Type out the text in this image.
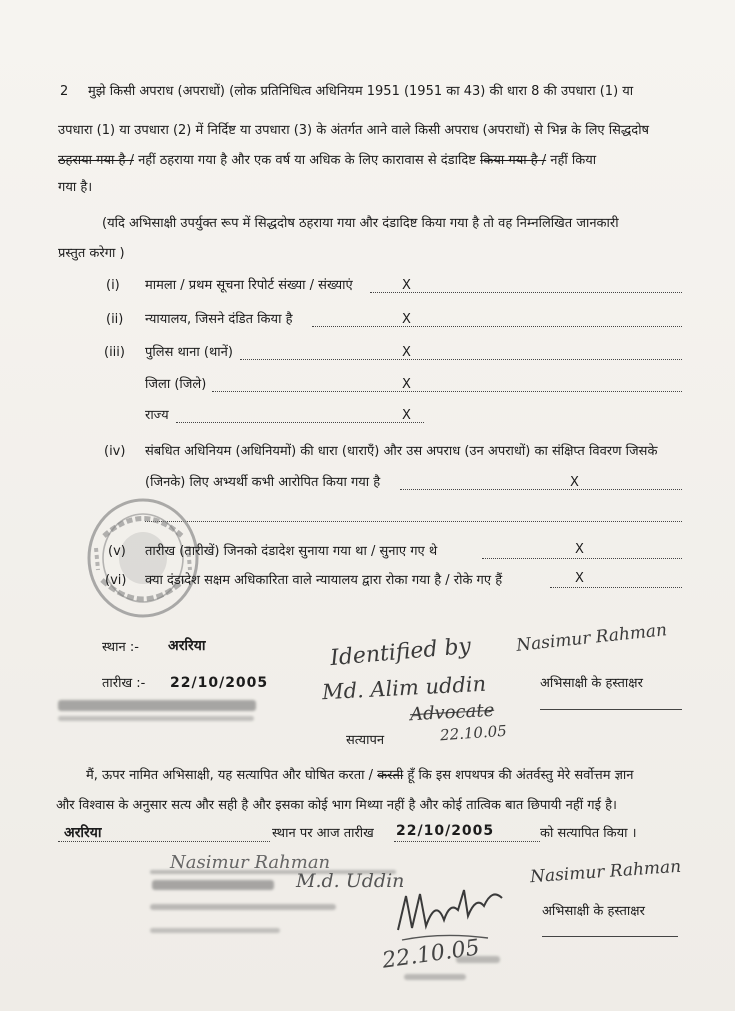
2 मुझे किसी अपराध (अपराधों) (लोक प्रतिनिधित्व अधिनियम 1951 (1951 का 43) की धारा 8 की उपधारा (1) या
उपधारा (1) या उपधारा (2) में निर्दिष्ट या उपधारा (3) के अंतर्गत आने वाले किसी अपराध (अपराधों) से भिन्न के लिए सिद्धदोष
ठहराया गया है / नहीं ठहराया गया है और एक वर्ष या अधिक के लिए कारावास से दंडादिष्ट किया गया है / नहीं किया
गया है।
(यदि अभिसाक्षी उपर्युक्त रूप में सिद्धदोष ठहराया गया और दंडादिष्ट किया गया है तो वह निम्नलिखित जानकारी
प्रस्तुत करेगा )
(i) मामला / प्रथम सूचना रिपोर्ट संख्या / संख्याएं	X
(ii) न्यायालय, जिसने दंडित किया है	X
(iii) पुलिस थाना (थानें)	X
जिला (जिले)	X
राज्य	X
(iv) संबधित अधिनियम (अधिनियमों) की धारा (धाराएँ) और उस अपराध (उन अपराधों) का संक्षिप्त विवरण जिसके
(जिनके) लिए अभ्यर्थी कभी आरोपित किया गया है	X
(v) तारीख (तारीखें) जिनको दंडादेश सुनाया गया था / सुनाए गए थे	X
(vi) क्या दंडादेश सक्षम अधिकारिता वाले न्यायालय द्वारा रोका गया है / रोके गए हैं	X
स्थान :- अररिया
तारीख :- 22/10/2005
Identified by
Md. Alim uddin
Advocate
22.10.05
Nasimur Rahman
अभिसाक्षी के हस्ताक्षर
सत्यापन
मैं, ऊपर नामित अभिसाक्षी, यह सत्यापित और घोषित करता / करती हूँ कि इस शपथपत्र की अंतर्वस्तु मेरे सर्वोत्तम ज्ञान
और विश्वास के अनुसार सत्य और सही है और इसका कोई भाग मिथ्या नहीं है और कोई तात्विक बात छिपायी नहीं गई है।
अररिया	स्थान पर आज तारीख 22/10/2005	को सत्यापित किया ।
Nasimur Rahman
M.d. Uddin
22.10.05
Nasimur Rahman
अभिसाक्षी के हस्ताक्षर
